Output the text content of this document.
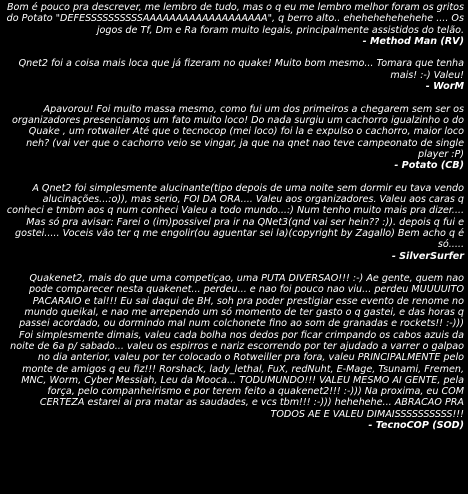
Bom é pouco pra descrever, me lembro de tudo, mas o q eu me lembro melhor foram os gritos do Potato "DEFESSSSSSSSSSAAAAAAAAAAAAAAAAAAA", q berro alto.. ehehehehehehehe .... Os jogos de Tf, Dm e Ra foram muito legais, principalmente assistidos do telão.
- Method Man (RV)
Qnet2 foi a coisa mais loca que já fizeram no quake! Muito bom mesmo... Tomara que tenha mais! :-) Valeu!
- WorM
Apavorou! Foi muito massa mesmo, como fui um dos primeiros a chegarem sem ser os organizadores presenciamos um fato muito loco! Do nada surgiu um cachorro igualzinho o do Quake , um rotwailer Até que o tecnocop (mei loco) foi la e expulso o cachorro, maior loco neh? (vai ver que o cachorro veio se vingar, ja que na qnet nao teve campeonato de single player :P)
- Potato (CB)
A Qnet2 foi simplesmente alucinante(tipo depois de uma noite sem dormir eu tava vendo alucinações...:o)), mas serio, FOI DA ORA.... Valeu aos organizadores. Valeu aos caras q conheci e tmbm aos q num conheci Valeu a todo mundo...:) Num tenho muito mais pra dizer.... Mas só pra avisar: Farei o (im)possivel pra ir na QNet3(qnd vai ser hein?? :)). depois q fui e gostei..... Voceis vão ter q me engolir(ou aguentar sei la)(copyright by Zagallo) Bem acho q é só.....
- SilverSurfer
Quakenet2, mais do que uma competiçao, uma PUTA DIVERSAO!!! :-) Ae gente, quem nao pode comparecer nesta quakenet... perdeu... e nao foi pouco nao viu... perdeu MUUUUITO PACARAIO e tal!!! Eu sai daqui de BH, soh pra poder prestigiar esse evento de renome no mundo queikal, e nao me arrependo um só momento de ter gasto o q gastei, e das horas q passei acordado, ou dormindo mal num colchonete fino ao som de granadas e rockets!! :-))) Foi simplesmente dimais, valeu cada bolha nos dedos por ficar crimpando os cabos azuis da noite de 6a p/ sabado... valeu os espirros e nariz escorrendo por ter ajudado a varrer o galpao no dia anterior, valeu por ter colocado o Rotweiller pra fora, valeu PRINCIPALMENTE pelo monte de amigos q eu fiz!!! Rorshack, lady_lethal, FuX, redNuht, E-Mage, Tsunami, Fremen, MNC, Worm, Cyber Messiah, Leu da Mooca... TODUMUNDO!!! VALEU MESMO AI GENTE, pela força, pelo companheirismo e por terem feito a quakenet2!!! :-))) Na proxima, eu COM CERTEZA estarei ai pra matar as saudades, e vcs tbm!!! :-))) hehehehe... ABRACAO PRA TODOS AE E VALEU DIMAISSSSSSSSSS!!!
- TecnoCOP (SOD)
